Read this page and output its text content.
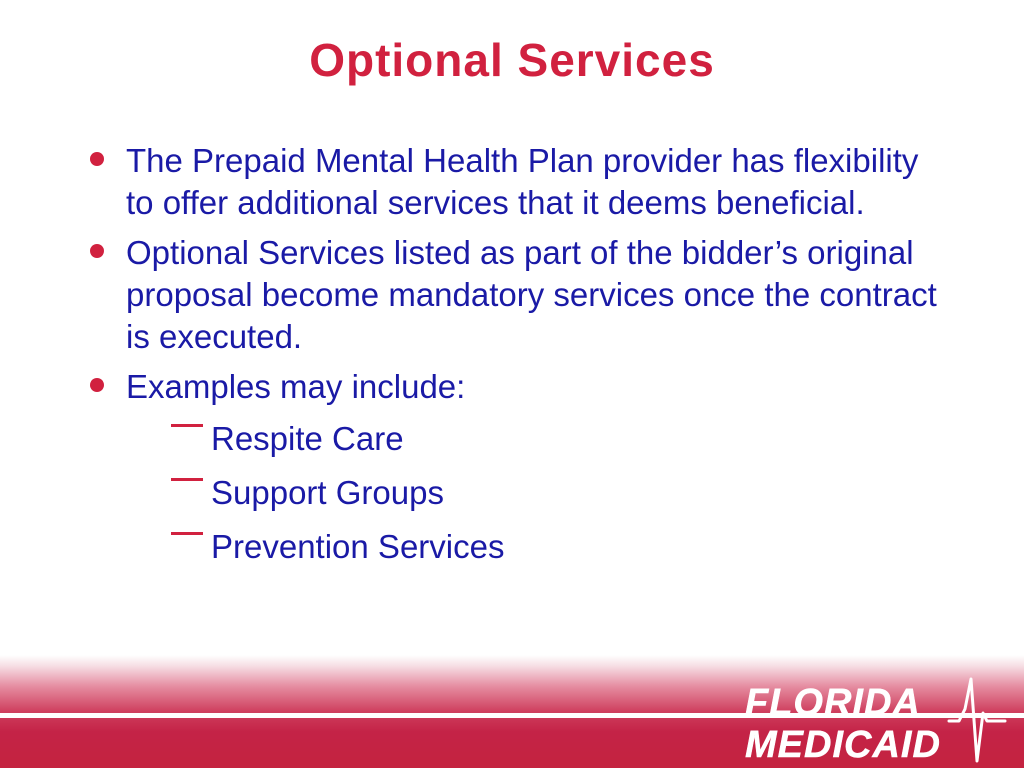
Optional Services
The Prepaid Mental Health Plan provider has flexibility to offer additional services that it deems beneficial.
Optional Services listed as part of the bidder’s original proposal become mandatory services once the contract is executed.
Examples may include:
Respite Care
Support Groups
Prevention Services
FLORIDA
MEDICAID
